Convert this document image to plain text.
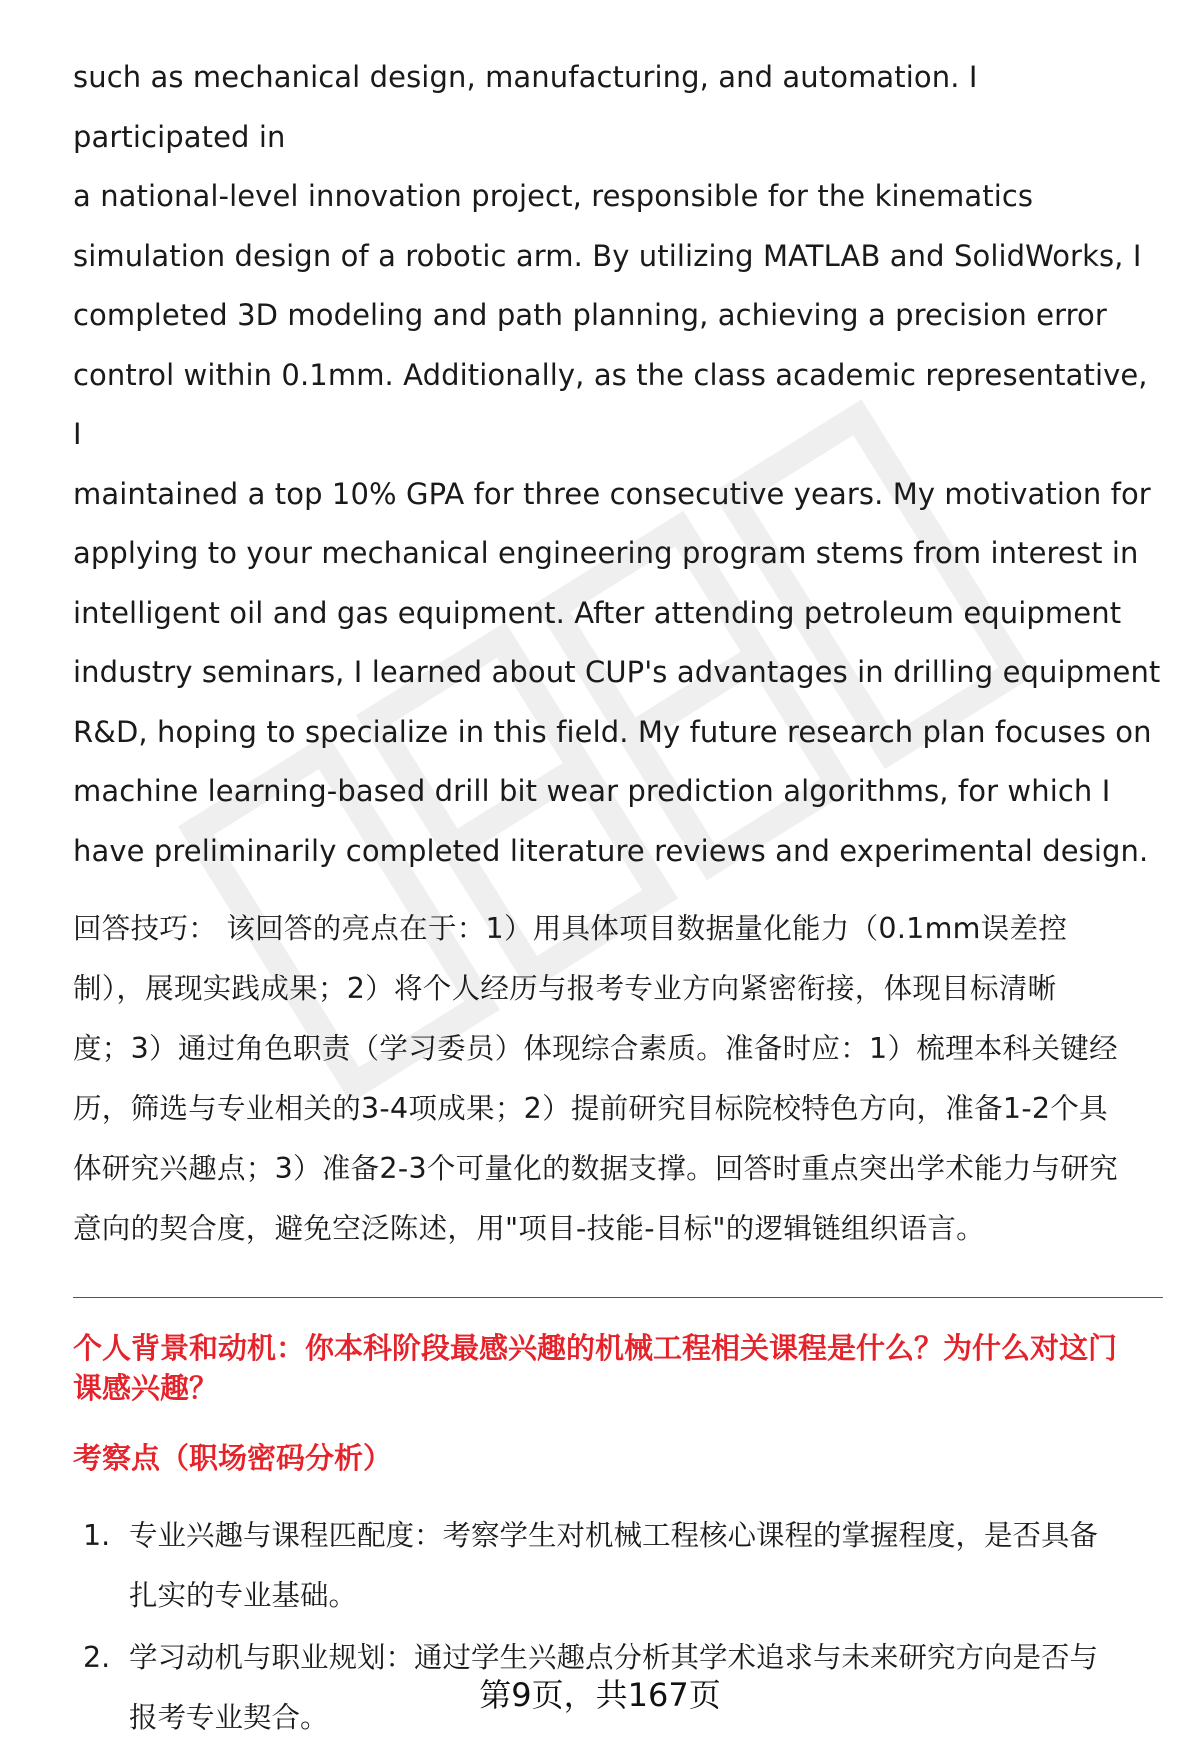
such as mechanical design, manufacturing, and automation. I participated in
a national-level innovation project, responsible for the kinematics
simulation design of a robotic arm. By utilizing MATLAB and SolidWorks, I
completed 3D modeling and path planning, achieving a precision error
control within 0.1mm. Additionally, as the class academic representative, I
maintained a top 10% GPA for three consecutive years. My motivation for
applying to your mechanical engineering program stems from interest in
intelligent oil and gas equipment. After attending petroleum equipment
industry seminars, I learned about CUP's advantages in drilling equipment
R&D, hoping to specialize in this field. My future research plan focuses on
machine learning-based drill bit wear prediction algorithms, for which I
have preliminarily completed literature reviews and experimental design.
回答技巧： 该回答的亮点在于：1）用具体项目数据量化能力（0.1mm误差控
制），展现实践成果；2）将个人经历与报考专业方向紧密衔接，体现目标清晰
度；3）通过角色职责（学习委员）体现综合素质。准备时应：1）梳理本科关键经
历，筛选与专业相关的3-4项成果；2）提前研究目标院校特色方向，准备1-2个具
体研究兴趣点；3）准备2-3个可量化的数据支撑。回答时重点突出学术能力与研究
意向的契合度，避免空泛陈述，用"项目-技能-目标"的逻辑链组织语言。
个人背景和动机：你本科阶段最感兴趣的机械工程相关课程是什么？为什么对这门
课感兴趣？
考察点（职场密码分析）
1. 专业兴趣与课程匹配度：考察学生对机械工程核心课程的掌握程度，是否具备
扎实的专业基础。
2. 学习动机与职业规划：通过学生兴趣点分析其学术追求与未来研究方向是否与
报考专业契合。
第9页，共167页
